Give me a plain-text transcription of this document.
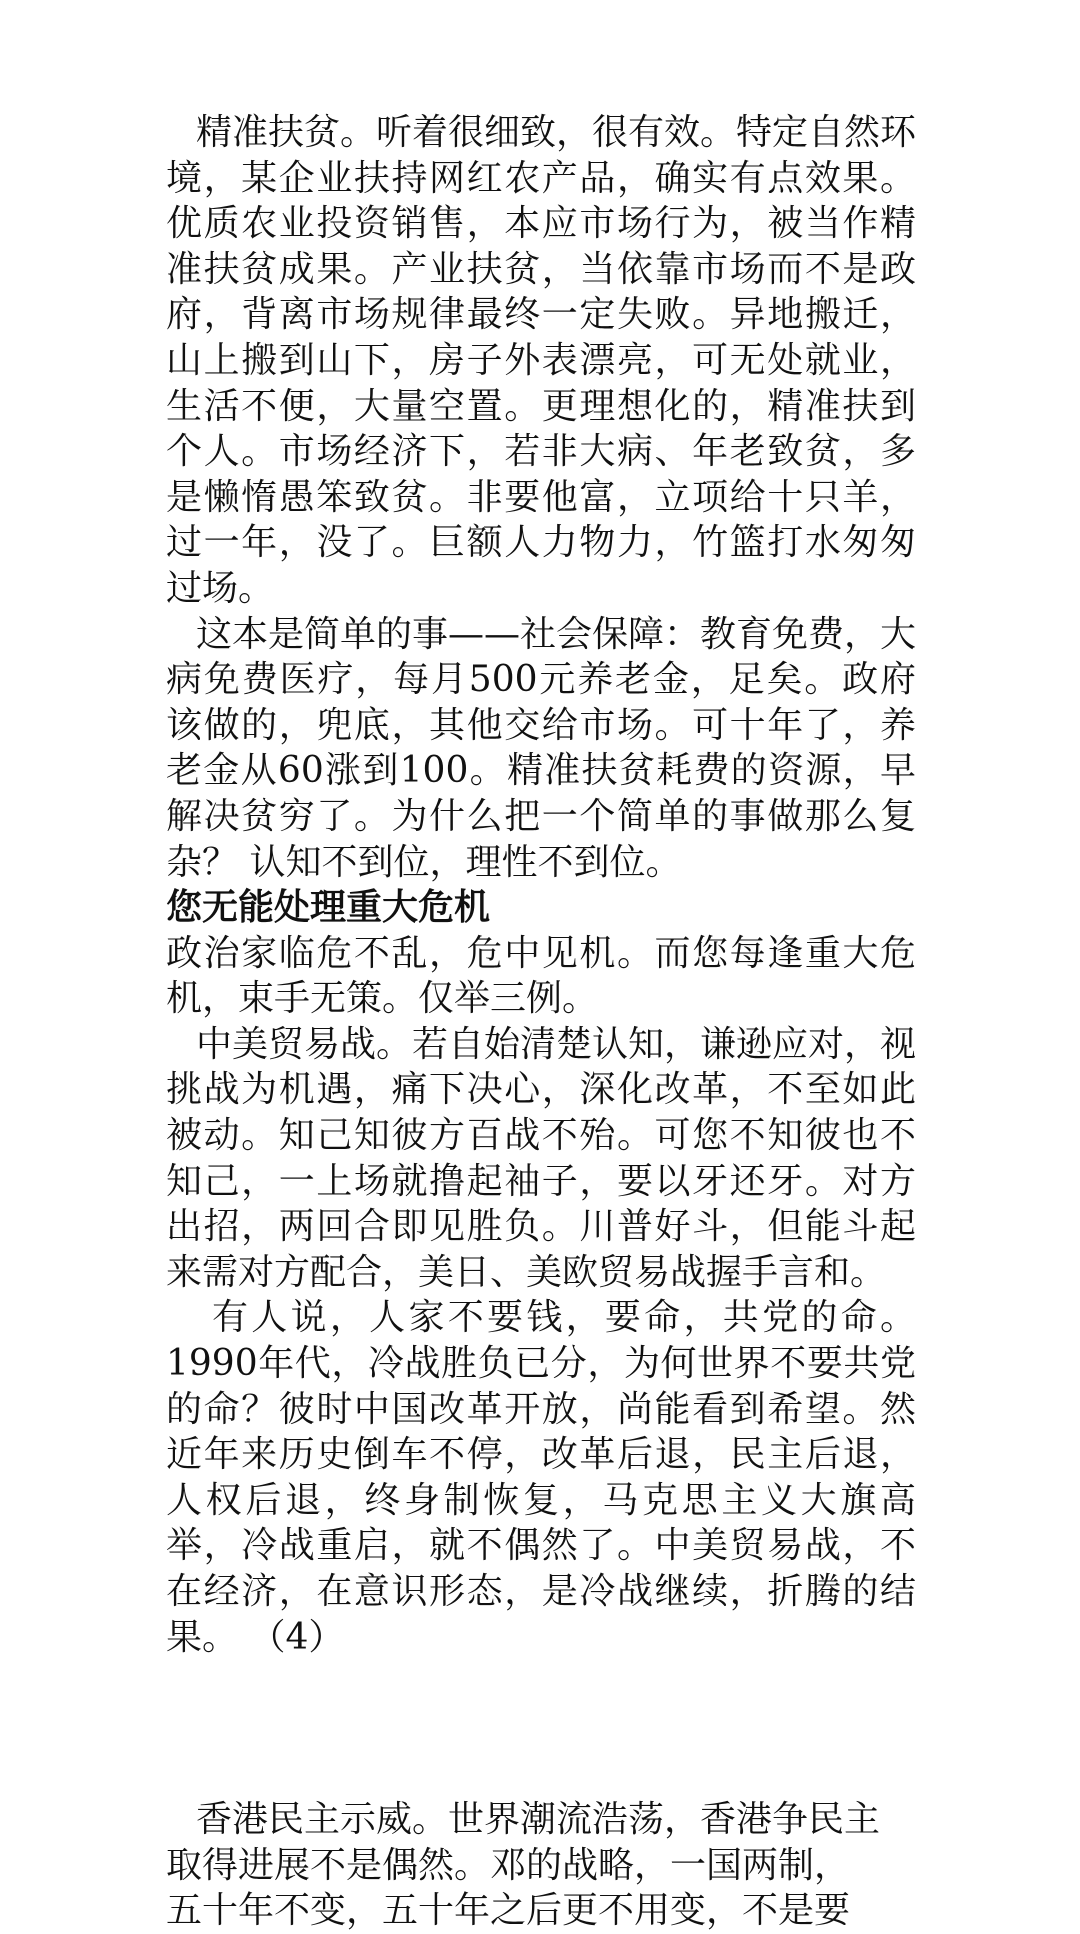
精准扶贫。听着很细致，很有效。特定自然环境，某企业扶持网红农产品，确实有点效果。优质农业投资销售，本应市场行为，被当作精准扶贫成果。产业扶贫，当依靠市场而不是政府，背离市场规律最终一定失败。异地搬迁，山上搬到山下，房子外表漂亮，可无处就业，生活不便，大量空置。更理想化的，精准扶到个人。市场经济下，若非大病、年老致贫，多是懒惰愚笨致贫。非要他富，立项给十只羊，过一年，没了。巨额人力物力，竹篮打水匆匆过场。

这本是简单的事——社会保障：教育免费，大病免费医疗，每月500元养老金，足矣。政府该做的，兜底，其他交给市场。可十年了，养老金从60涨到100。精准扶贫耗费的资源，早解决贫穷了。为什么把一个简单的事做那么复杂？ 认知不到位，理性不到位。

您无能处理重大危机

政治家临危不乱，危中见机。而您每逢重大危机，束手无策。仅举三例。

中美贸易战。若自始清楚认知，谦逊应对，视挑战为机遇，痛下决心，深化改革，不至如此被动。知己知彼方百战不殆。可您不知彼也不知己，一上场就撸起袖子，要以牙还牙。对方出招，两回合即见胜负。川普好斗，但能斗起来需对方配合，美日、美欧贸易战握手言和。

有人说，人家不要钱，要命，共党的命。1990年代，冷战胜负已分，为何世界不要共党的命？彼时中国改革开放，尚能看到希望。然近年来历史倒车不停，改革后退，民主后退，人权后退，终身制恢复，马克思主义大旗高举，冷战重启，就不偶然了。中美贸易战，不在经济，在意识形态，是冷战继续，折腾的结果。 （4）

香港民主示威。世界潮流浩荡，香港争民主
取得进展不是偶然。邓的战略，一国两制，
五十年不变，五十年之后更不用变，不是要
